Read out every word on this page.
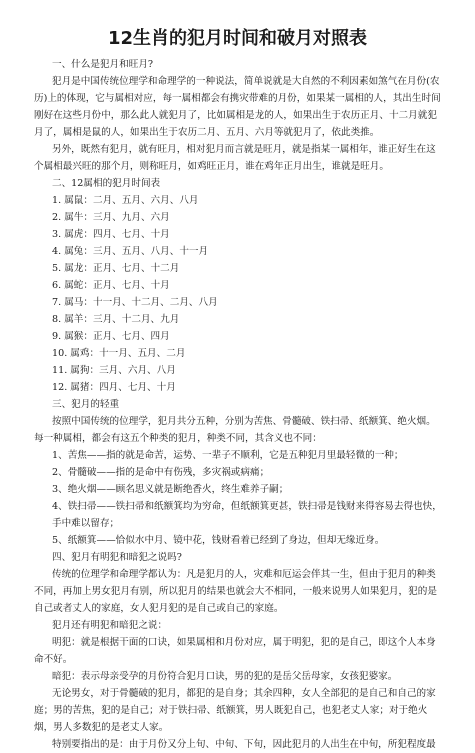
12生肖的犯月时间和破月对照表

一、什么是犯月和旺月?

犯月是中国传统位理学和命理学的一种说法，简单说就是大自然的不利因素如煞气在月份(农历)上的体现，它与属相对应，每一属相都会有携灾带难的月份，如果某一属相的人，其出生时间刚好在这些月份中，那么此人就犯月了，比如属相是龙的人，如果出生于农历正月、十二月就犯月了，属相是鼠的人，如果出生于农历二月、五月、六月等就犯月了，依此类推。

另外，既然有犯月，就有旺月，相对犯月而言就是旺月，就是指某一属相年，谁正好生在这个属相最兴旺的那个月，则称旺月，如鸡旺正月，谁在鸡年正月出生，谁就是旺月。

二、12属相的犯月时间表

1. 属鼠：二月、五月、六月、八月

2. 属牛：三月、九月、六月

3. 属虎：四月、七月、十月

4. 属兔：三月、五月、八月、十一月

5. 属龙：正月、七月、十二月

6. 属蛇：正月、七月、十月

7. 属马：十一月、十二月、二月、八月

8. 属羊：三月、十二月、九月

9. 属猴：正月、七月、四月

10. 属鸡：十一月、五月、二月

11. 属狗：三月、六月、八月

12. 属猪：四月、七月、十月

三、犯月的轻重

按照中国传统的位理学，犯月共分五种，分别为苦焦、骨髓破、铁扫帚、纸额箕、绝火烟。每一种属相，都会有这五个种类的犯月，种类不同，其含义也不同：

1、苦焦——指的就是命苦，运势、一辈子不顺利，它是五种犯月里最轻微的一种；

2、骨髓破——指的是命中有伤残，多灾祸或病痛；

3、绝火烟——顾名思义就是断绝香火，终生难养子嗣；

4、铁扫帚——铁扫帚和纸额箕均为穷命，但纸额箕更甚，铁扫帚是钱财来得容易去得也快，手中难以留存；

5、纸额箕——恰似水中月、镜中花，钱财看着已经到了身边，但却无缘近身。

四、犯月有明犯和暗犯之说吗?

传统的位理学和命理学都认为：凡是犯月的人，灾难和厄运会伴其一生，但由于犯月的种类不同，再加上男女犯月有别，所以犯月的结果也就会大不相同，一般来说男人如果犯月，犯的是自己或者丈人的家庭，女人犯月犯的是自己或自己的家庭。

犯月还有明犯和暗犯之说：

明犯：就是根据干面的口诀，如果属相和月份对应，属于明犯，犯的是自己，即这个人本身命不好。

暗犯：表示母亲受孕的月份符合犯月口诀，男的犯的是岳父岳母家，女孩犯婆家。

无论男女，对于骨髓破的犯月，都犯的是自身；其余四种，女人全部犯的是自己和自己的家庭；男的苦焦，犯的是自己；对于铁扫帚、纸额箕，男人既犯自己，也犯老丈人家；对于绝火烟，男人多数犯的是老丈人家。

特别要指出的是：由于月份又分上旬、中旬、下旬，因此犯月的人出生在中旬，所犯程度最
